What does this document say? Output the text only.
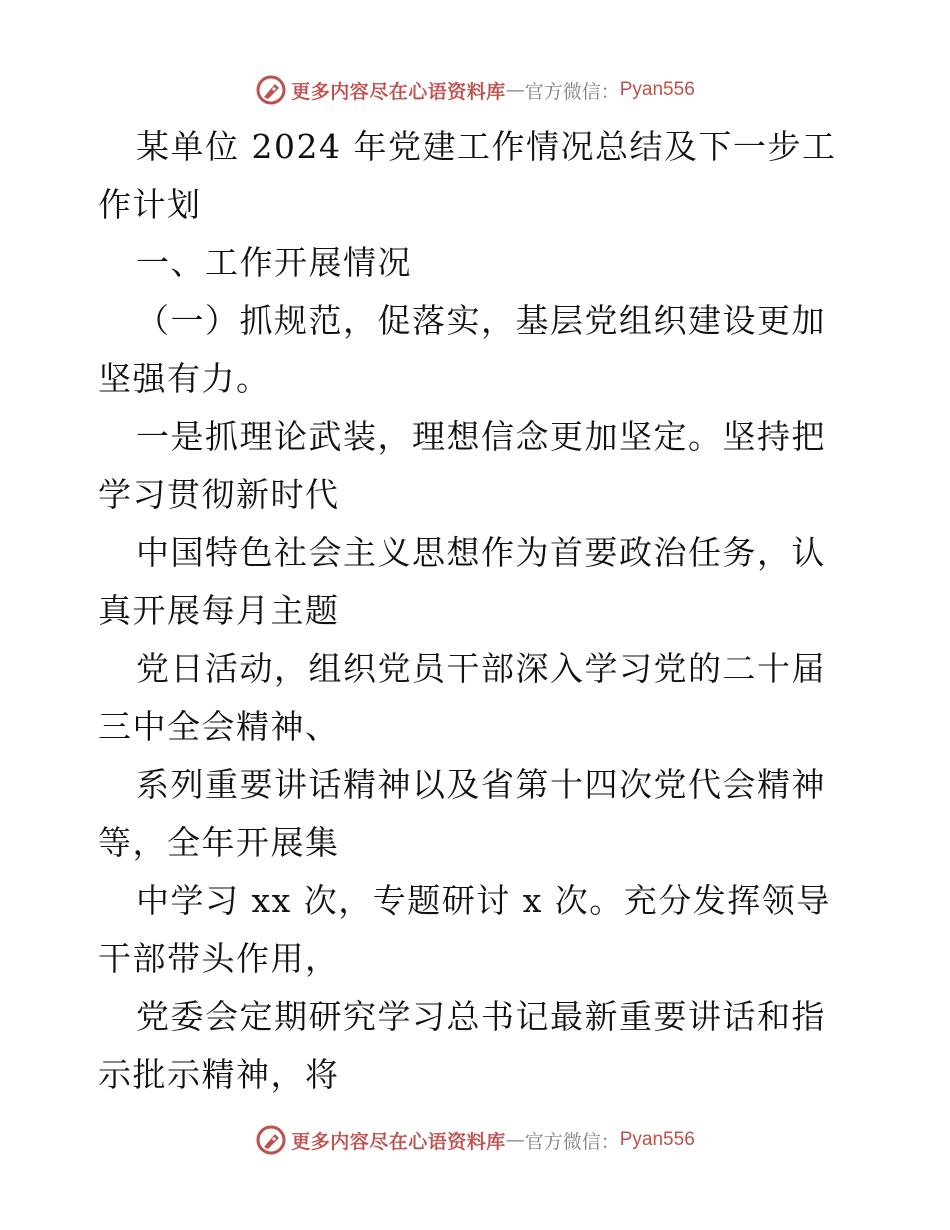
更多内容尽在心语资料库 — 官方微信： Pyan556

某单位 2024 年党建工作情况总结及下一步工作计划

一、工作开展情况

（一）抓规范，促落实，基层党组织建设更加坚强有力。

一是抓理论武装，理想信念更加坚定。坚持把学习贯彻新时代

中国特色社会主义思想作为首要政治任务，认真开展每月主题

党日活动，组织党员干部深入学习党的二十届三中全会精神、

系列重要讲话精神以及省第十四次党代会精神等，全年开展集

中学习 xx 次，专题研讨 x 次。充分发挥领导干部带头作用，

党委会定期研究学习总书记最新重要讲话和指示批示精神，将

更多内容尽在心语资料库 — 官方微信： Pyan556
